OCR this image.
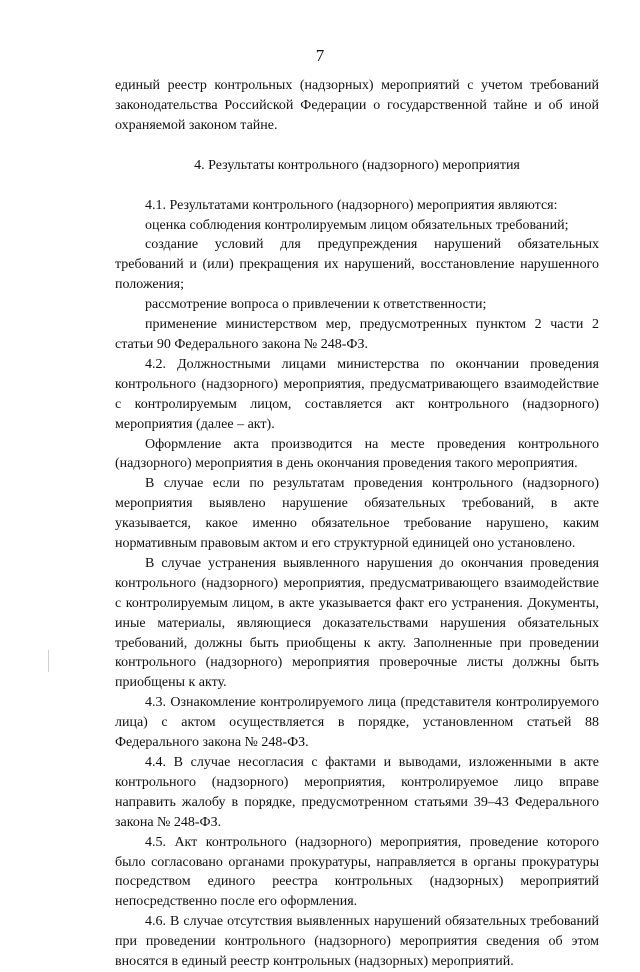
7

единый реестр контрольных (надзорных) мероприятий с учетом требований законодательства Российской Федерации о государственной тайне и об иной охраняемой законом тайне.

4. Результаты контрольного (надзорного) мероприятия

4.1. Результатами контрольного (надзорного) мероприятия являются:

оценка соблюдения контролируемым лицом обязательных требований;

создание условий для предупреждения нарушений обязательных требований и (или) прекращения их нарушений, восстановление нарушенного положения;

рассмотрение вопроса о привлечении к ответственности;

применение министерством мер, предусмотренных пунктом 2 части 2 статьи 90 Федерального закона № 248-ФЗ.

4.2. Должностными лицами министерства по окончании проведения контрольного (надзорного) мероприятия, предусматривающего взаимодействие с контролируемым лицом, составляется акт контрольного (надзорного) мероприятия (далее – акт).

Оформление акта производится на месте проведения контрольного (надзорного) мероприятия в день окончания проведения такого мероприятия.

В случае если по результатам проведения контрольного (надзорного) мероприятия выявлено нарушение обязательных требований, в акте указывается, какое именно обязательное требование нарушено, каким нормативным правовым актом и его структурной единицей оно установлено.

В случае устранения выявленного нарушения до окончания проведения контрольного (надзорного) мероприятия, предусматривающего взаимодействие с контролируемым лицом, в акте указывается факт его устранения. Документы, иные материалы, являющиеся доказательствами нарушения обязательных требований, должны быть приобщены к акту. Заполненные при проведении контрольного (надзорного) мероприятия проверочные листы должны быть приобщены к акту.

4.3. Ознакомление контролируемого лица (представителя контролируемого лица) с актом осуществляется в порядке, установленном статьей 88 Федерального закона № 248-ФЗ.

4.4. В случае несогласия с фактами и выводами, изложенными в акте контрольного (надзорного) мероприятия, контролируемое лицо вправе направить жалобу в порядке, предусмотренном статьями 39–43 Федерального закона № 248-ФЗ.

4.5. Акт контрольного (надзорного) мероприятия, проведение которого было согласовано органами прокуратуры, направляется в органы прокуратуры посредством единого реестра контрольных (надзорных) мероприятий непосредственно после его оформления.

4.6. В случае отсутствия выявленных нарушений обязательных требований при проведении контрольного (надзорного) мероприятия сведения об этом вносятся в единый реестр контрольных (надзорных) мероприятий.
